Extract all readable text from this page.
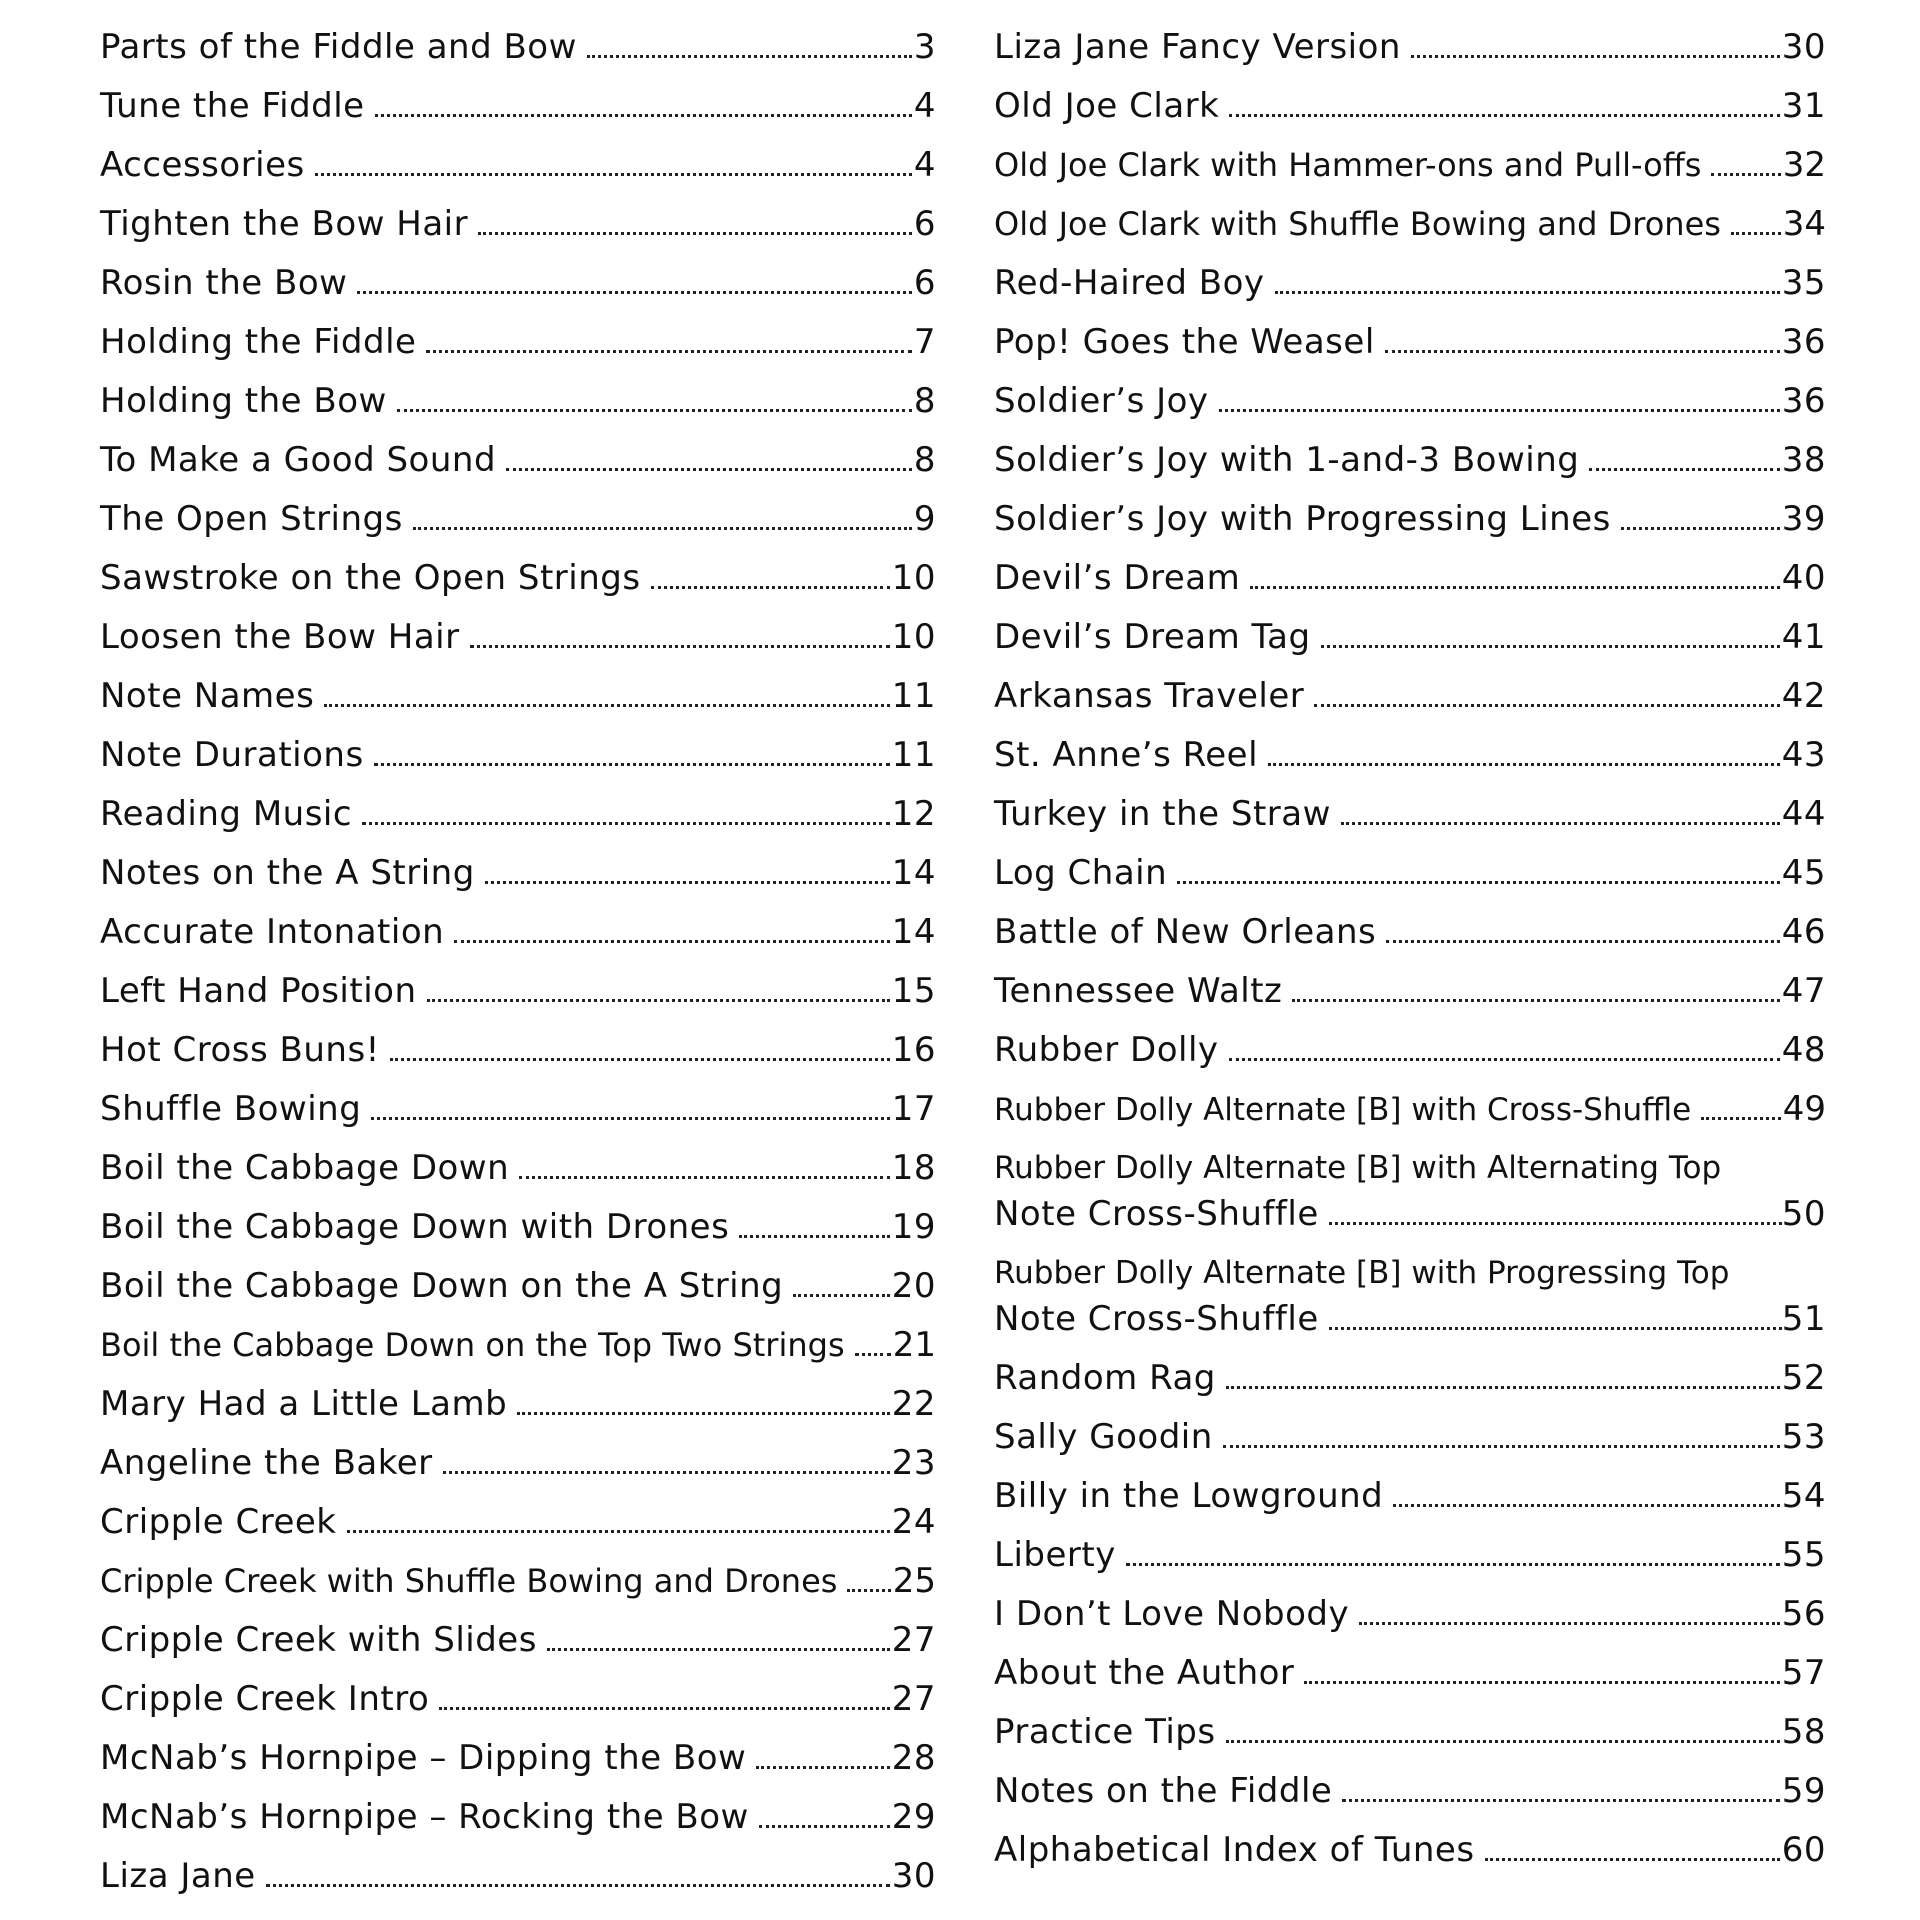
Parts of the Fiddle and Bow	3
Tune the Fiddle	4
Accessories	4
Tighten the Bow Hair	6
Rosin the Bow	6
Holding the Fiddle	7
Holding the Bow	8
To Make a Good Sound	8
The Open Strings	9
Sawstroke on the Open Strings	10
Loosen the Bow Hair	10
Note Names	11
Note Durations	11
Reading Music	12
Notes on the A String	14
Accurate Intonation	14
Left Hand Position	15
Hot Cross Buns!	16
Shuffle Bowing	17
Boil the Cabbage Down	18
Boil the Cabbage Down with Drones	19
Boil the Cabbage Down on the A String	20
Boil the Cabbage Down on the Top Two Strings 21
Mary Had a Little Lamb	22
Angeline the Baker	23
Cripple Creek	24
Cripple Creek with Shuffle Bowing and Drones 25
Cripple Creek with Slides	27
Cripple Creek Intro	27
McNab’s Hornpipe – Dipping the Bow	28
McNab’s Hornpipe – Rocking the Bow	29
Liza Jane	30
Liza Jane Fancy Version	30
Old Joe Clark	31
Old Joe Clark with Hammer-ons and Pull-offs 32
Old Joe Clark with Shuffle Bowing and Drones 34
Red-Haired Boy	35
Pop! Goes the Weasel	36
Soldier’s Joy	36
Soldier’s Joy with 1-and-3 Bowing	38
Soldier’s Joy with Progressing Lines	39
Devil’s Dream	40
Devil’s Dream Tag	41
Arkansas Traveler	42
St. Anne’s Reel	43
Turkey in the Straw	44
Log Chain	45
Battle of New Orleans	46
Tennessee Waltz	47
Rubber Dolly	48
Rubber Dolly Alternate [B] with Cross-Shuffle	49
Rubber Dolly Alternate [B] with Alternating Top
Note Cross-Shuffle	50
Rubber Dolly Alternate [B] with Progressing Top
Note Cross-Shuffle	51
Random Rag	52
Sally Goodin	53
Billy in the Lowground	54
Liberty	55
I Don’t Love Nobody	56
About the Author	57
Practice Tips	58
Notes on the Fiddle	59
Alphabetical Index of Tunes	60
